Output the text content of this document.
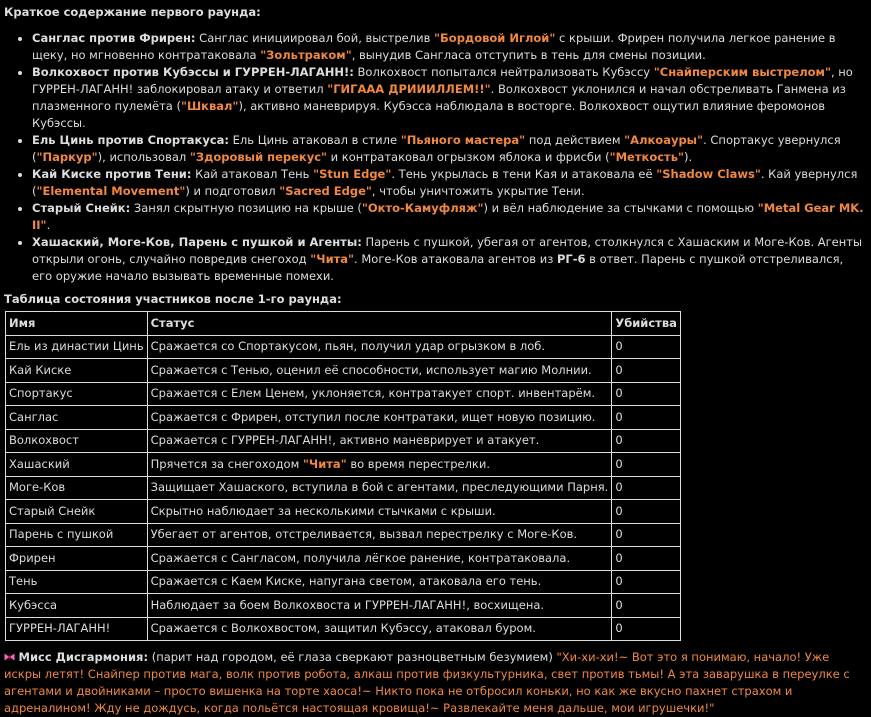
Краткое содержание первого раунда:
• Санглас против Фрирен: Санглас инициировал бой, выстрелив "Бордовой Иглой" с крыши. Фрирен получила легкое ранение в щеку, но мгновенно контратаковала "Зольтраком", вынудив Сангласа отступить в тень для смены позиции.
• Волкохвост против Кубэссы и ГУРРЕН-ЛАГАНН!: Волкохвост попытался нейтрализовать Кубэссу "Снайперским выстрелом", но ГУРРЕН-ЛАГАНН! заблокировал атаку и ответил "ГИГААА ДРИИИЛЛЕМ!!". Волкохвост уклонился и начал обстреливать Ганмена из плазменного пулемёта ("Шквал"), активно маневрируя. Кубэсса наблюдала в восторге. Волкохвост ощутил влияние феромонов Кубэссы.
• Ель Цинь против Спортакуса: Ель Цинь атаковал в стиле "Пьяного мастера" под действием "Алкоауры". Спортакус увернулся ("Паркур"), использовал "Здоровый перекус" и контратаковал огрызком яблока и фрисби ("Меткость").
• Кай Киске против Тени: Кай атаковал Тень "Stun Edge". Тень укрылась в тени Кая и атаковала её "Shadow Claws". Кай увернулся ("Elemental Movement") и подготовил "Sacred Edge", чтобы уничтожить укрытие Тени.
• Старый Снейк: Занял скрытную позицию на крыше ("Окто-Камуфляж") и вёл наблюдение за стычками с помощью "Metal Gear MK. II".
• Хашаский, Моге-Ков, Парень с пушкой и Агенты: Парень с пушкой, убегая от агентов, столкнулся с Хашаским и Моге-Ков. Агенты открыли огонь, случайно повредив снегоход "Чита". Моге-Ков атаковала агентов из РГ-6 в ответ. Парень с пушкой отстреливался, его оружие начало вызывать временные помехи.
Таблица состояния участников после 1-го раунда:
Имя	Статус	Убийства
Ель из династии Цинь	Сражается со Спортакусом, пьян, получил удар огрызком в лоб.	0
Кай Киске	Сражается с Тенью, оценил её способности, использует магию Молнии.	0
Спортакус	Сражается с Елем Ценем, уклоняется, контратакует спорт. инвентарём.	0
Санглас	Сражается с Фрирен, отступил после контратаки, ищет новую позицию.	0
Волкохвост	Сражается с ГУРРЕН-ЛАГАНН!, активно маневрирует и атакует.	0
Хашаский	Прячется за снегоходом "Чита" во время перестрелки.	0
Моге-Ков	Защищает Хашаского, вступила в бой с агентами, преследующими Парня.	0
Старый Снейк	Скрытно наблюдает за несколькими стычками с крыши.	0
Парень с пушкой	Убегает от агентов, отстреливается, вызвал перестрелку с Моге-Ков.	0
Фрирен	Сражается с Сангласом, получила лёгкое ранение, контратаковала.	0
Тень	Сражается с Каем Киске, напугана светом, атаковала его тень.	0
Кубэсса	Наблюдает за боем Волкохвоста и ГУРРЕН-ЛАГАНН!, восхищена.	0
ГУРРЕН-ЛАГАНН!	Сражается с Волкохвостом, защитил Кубэссу, атаковал буром.	0
Мисс Дисгармония: (парит над городом, её глаза сверкают разноцветным безумием) "Хи-хи-хи!~ Вот это я понимаю, начало! Уже искры летят! Снайпер против мага, волк против робота, алкаш против физкультурника, свет против тьмы! А эта заварушка в переулке с агентами и двойниками – просто вишенка на торте хаоса!~ Никто пока не отбросил коньки, но как же вкусно пахнет страхом и адреналином! Жду не дождусь, когда польётся настоящая кровища!~ Развлекайте меня дальше, мои игрушечки!"
